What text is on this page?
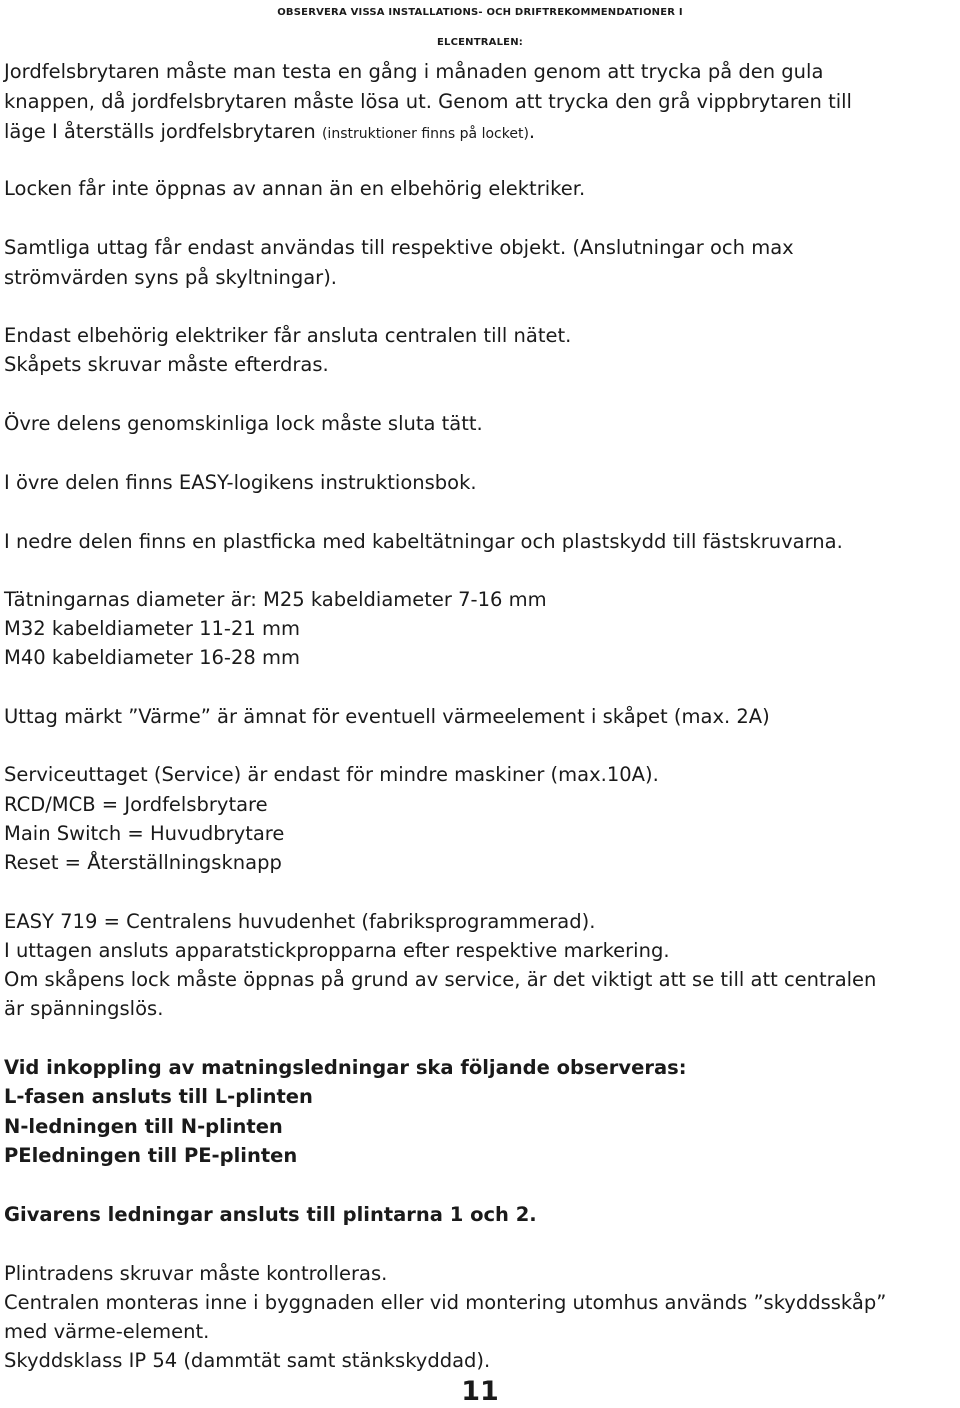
OBSERVERA VISSA INSTALLATIONS- OCH DRIFTREKOMMENDATIONER I
ELCENTRALEN:
Jordfelsbrytaren måste man testa en gång i månaden genom att trycka på den gula
knappen, då jordfelsbrytaren måste lösa ut. Genom att trycka den grå vippbrytaren till
läge I återställs jordfelsbrytaren (instruktioner finns på locket).
Locken får inte öppnas av annan än en elbehörig elektriker.
Samtliga uttag får endast användas till respektive objekt. (Anslutningar och max
strömvärden syns på skyltningar).
Endast elbehörig elektriker får ansluta centralen till nätet.
Skåpets skruvar måste efterdras.
Övre delens genomskinliga lock måste sluta tätt.
I övre delen finns EASY-logikens instruktionsbok.
I nedre delen finns en plastficka med kabeltätningar och plastskydd till fästskruvarna.
Tätningarnas diameter är: M25 kabeldiameter 7-16 mm
M32 kabeldiameter 11-21 mm
M40 kabeldiameter 16-28 mm
Uttag märkt ”Värme” är ämnat för eventuell värmeelement i skåpet (max. 2A)
Serviceuttaget (Service) är endast för mindre maskiner (max.10A).
RCD/MCB = Jordfelsbrytare
Main Switch = Huvudbrytare
Reset = Återställningsknapp
EASY 719 = Centralens huvudenhet (fabriksprogrammerad).
I uttagen ansluts apparatstickpropparna efter respektive markering.
Om skåpens lock måste öppnas på grund av service, är det viktigt att se till att centralen
är spänningslös.
Vid inkoppling av matningsledningar ska följande observeras:
L-fasen ansluts till L-plinten
N-ledningen till N-plinten
PEledningen till PE-plinten
Givarens ledningar ansluts till plintarna 1 och 2.
Plintradens skruvar måste kontrolleras.
Centralen monteras inne i byggnaden eller vid montering utomhus används ”skyddsskåp”
med värme-element.
Skyddsklass IP 54 (dammtät samt stänkskyddad).
11
